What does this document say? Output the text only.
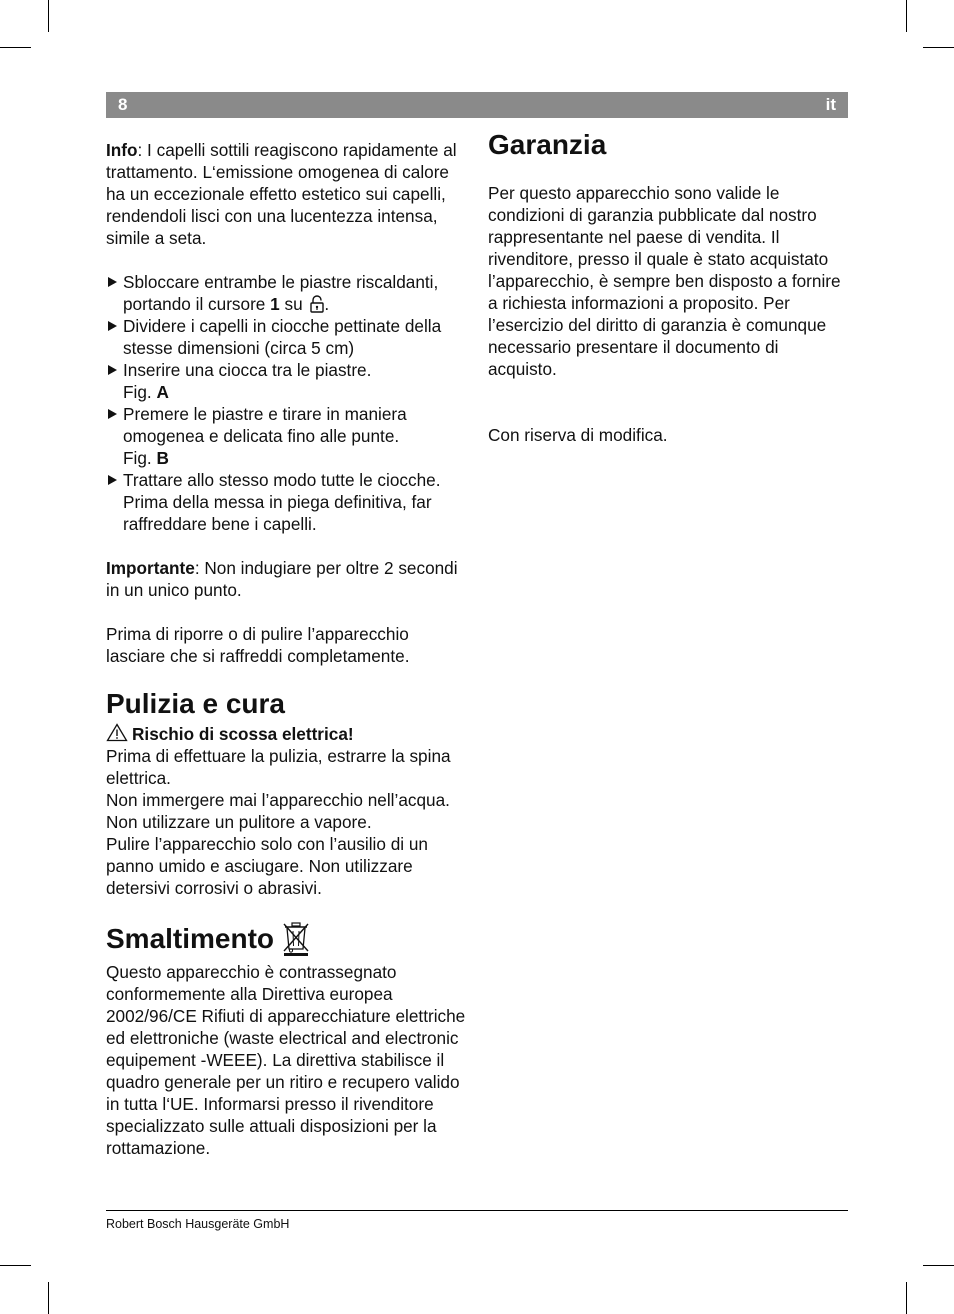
8	it

Info: I capelli sottili reagiscono rapidamente al trattamento. L‘emissione omogenea di calore ha un eccezionale effetto estetico sui capelli, rendendoli lisci con una lucentezza intensa, simile a seta.

Sbloccare entrambe le piastre riscaldanti, portando il cursore 1 su .
Dividere i capelli in ciocche pettinate della stesse dimensioni (circa 5 cm)
Inserire una ciocca tra le piastre.
Fig. A
Premere le piastre e tirare in maniera omogenea e delicata fino alle punte.
Fig. B
Trattare allo stesso modo tutte le ciocche. Prima della messa in piega definitiva, far raffreddare bene i capelli.

Importante: Non indugiare per oltre 2 secondi in un unico punto.

Prima di riporre o di pulire l’apparecchio lasciare che si raffreddi completamente.

Pulizia e cura

Rischio di scossa elettrica!

Prima di effettuare la pulizia, estrarre la spina elettrica.

Non immergere mai l’apparecchio nell’acqua.

Non utilizzare un pulitore a vapore.

Pulire l’apparecchio solo con l’ausilio di un panno umido e asciugare. Non utilizzare detersivi corrosivi o abrasivi.

Smaltimento

Questo apparecchio è contrassegnato conformemente alla Direttiva europea 2002/96/CE Rifiuti di apparecchiature elettriche ed elettroniche (waste electrical and electronic equipement -WEEE). La direttiva stabilisce il quadro generale per un ritiro e recupero valido in tutta l‘UE. Informarsi presso il rivenditore specializzato sulle attuali disposizioni per la rottamazione.

Garanzia

Per questo apparecchio sono valide le condizioni di garanzia pubblicate dal nostro rappresentante nel paese di vendita. Il rivenditore, presso il quale è stato acquistato l’apparecchio, è sempre ben disposto a fornire a richiesta informazioni a proposito. Per l’esercizio del diritto di garanzia è comunque necessario presentare il documento di acquisto.

Con riserva di modifica.

Robert Bosch Hausgeräte GmbH
